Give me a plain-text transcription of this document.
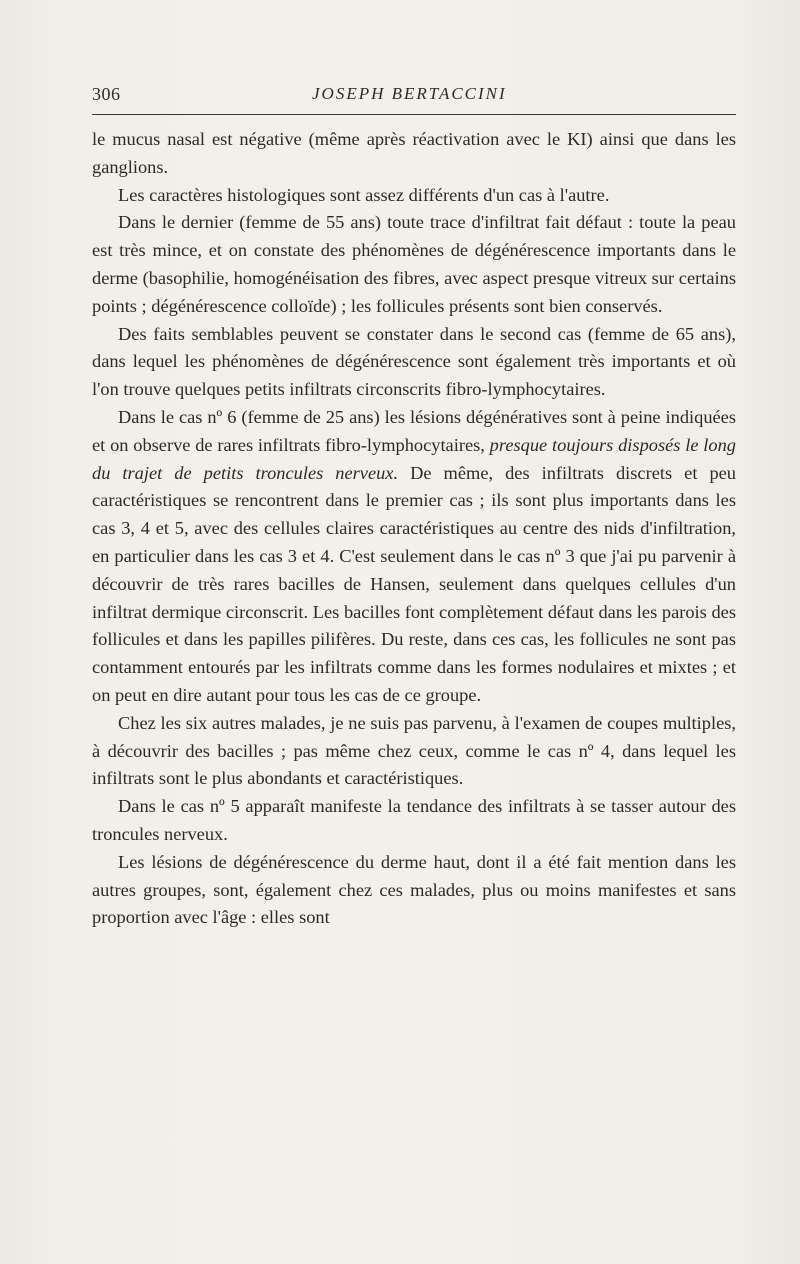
306	JOSEPH BERTACCINI

le mucus nasal est négative (même après réactivation avec le KI) ainsi que dans les ganglions.

Les caractères histologiques sont assez différents d'un cas à l'autre.

Dans le dernier (femme de 55 ans) toute trace d'infiltrat fait défaut : toute la peau est très mince, et on constate des phénomènes de dégénérescence importants dans le derme (basophilie, homogénéisation des fibres, avec aspect presque vitreux sur certains points ; dégénérescence colloïde) ; les follicules présents sont bien conservés.

Des faits semblables peuvent se constater dans le second cas (femme de 65 ans), dans lequel les phénomènes de dégénérescence sont également très importants et où l'on trouve quelques petits infiltrats circonscrits fibro-lymphocytaires.

Dans le cas nº 6 (femme de 25 ans) les lésions dégénératives sont à peine indiquées et on observe de rares infiltrats fibro-lymphocytaires, presque toujours disposés le long du trajet de petits troncules nerveux. De même, des infiltrats discrets et peu caractéristiques se rencontrent dans le premier cas ; ils sont plus importants dans les cas 3, 4 et 5, avec des cellules claires caractéristiques au centre des nids d'infiltration, en particulier dans les cas 3 et 4. C'est seulement dans le cas nº 3 que j'ai pu parvenir à découvrir de très rares bacilles de Hansen, seulement dans quelques cellules d'un infiltrat dermique circonscrit. Les bacilles font complètement défaut dans les parois des follicules et dans les papilles pilifères. Du reste, dans ces cas, les follicules ne sont pas contamment entourés par les infiltrats comme dans les formes nodulaires et mixtes ; et on peut en dire autant pour tous les cas de ce groupe.

Chez les six autres malades, je ne suis pas parvenu, à l'examen de coupes multiples, à découvrir des bacilles ; pas même chez ceux, comme le cas nº 4, dans lequel les infiltrats sont le plus abondants et caractéristiques.

Dans le cas nº 5 apparaît manifeste la tendance des infiltrats à se tasser autour des troncules nerveux.

Les lésions de dégénérescence du derme haut, dont il a été fait mention dans les autres groupes, sont, également chez ces malades, plus ou moins manifestes et sans proportion avec l'âge : elles sont
